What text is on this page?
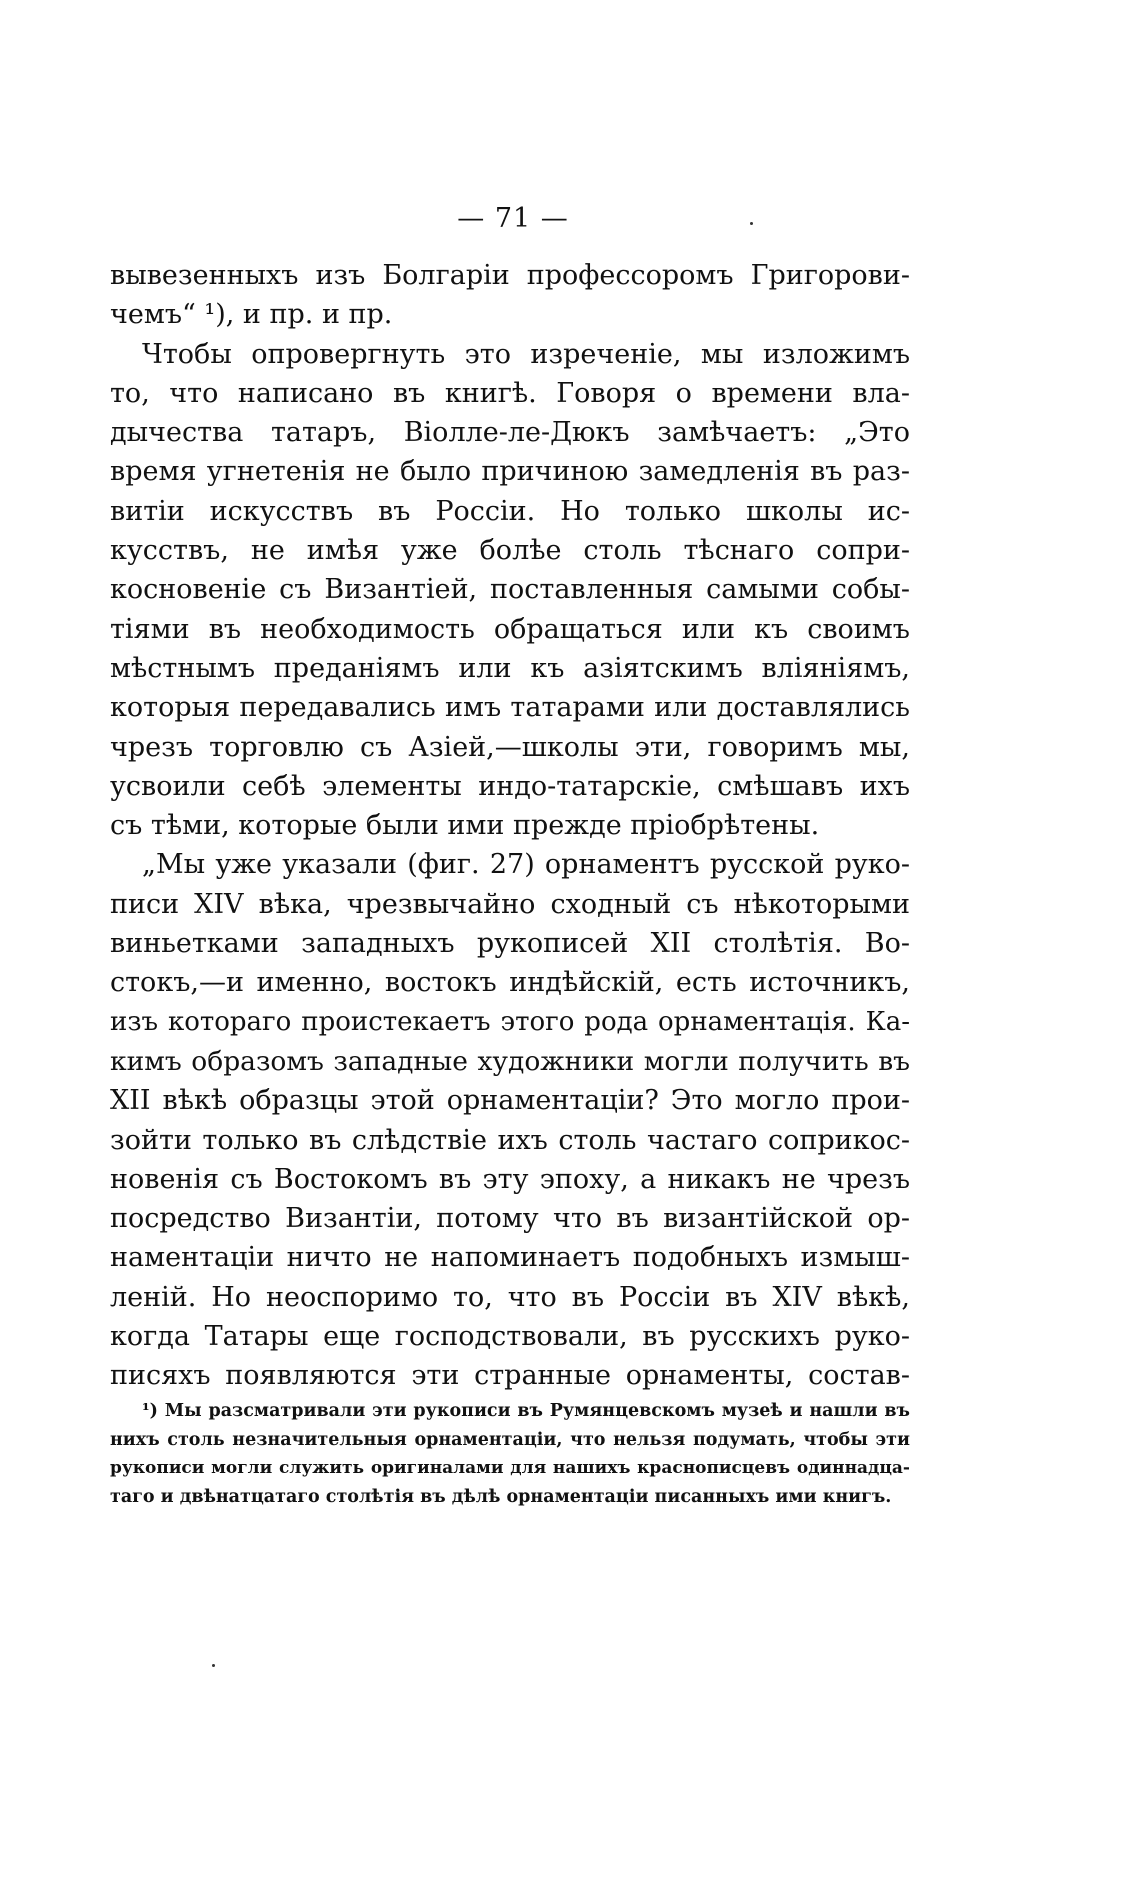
— 71 —
вывезенныхъ изъ Болгаріи профессоромъ Григорови-
чемъ“ ¹), и пр. и пр.
Чтобы опровергнуть это изреченіе, мы изложимъ
то, что написано въ книгѣ. Говоря о времени вла-
дычества татаръ, Віолле-ле-Дюкъ замѣчаетъ: „Это
время угнетенія не было причиною замедленія въ раз-
витіи искусствъ въ Россіи. Но только школы ис-
кусствъ, не имѣя уже болѣе столь тѣснаго сопри-
косновеніе съ Византіей, поставленныя самыми собы-
тіями въ необходимость обращаться или къ своимъ
мѣстнымъ преданіямъ или къ азіятскимъ вліяніямъ,
которыя передавались имъ татарами или доставлялись
чрезъ торговлю съ Азіей,—школы эти, говоримъ мы,
усвоили себѣ элементы индо-татарскіе, смѣшавъ ихъ
съ тѣми, которые были ими прежде пріобрѣтены.
„Мы уже указали (фиг. 27) орнаментъ русской руко-
писи XIV вѣка, чрезвычайно сходный съ нѣкоторыми
виньетками западныхъ рукописей XII столѣтія. Во-
стокъ,—и именно, востокъ индѣйскій, есть источникъ,
изъ котораго проистекаетъ этого рода орнаментація. Ка-
кимъ образомъ западные художники могли получить въ
XII вѣкѣ образцы этой орнаментаціи? Это могло прои-
зойти только въ слѣдствіе ихъ столь частаго соприкос-
новенія съ Востокомъ въ эту эпоху, а никакъ не чрезъ
посредство Византіи, потому что въ византійской ор-
наментаціи ничто не напоминаетъ подобныхъ измыш-
леній. Но неоспоримо то, что въ Россіи въ XIV вѣкѣ,
когда Татары еще господствовали, въ русскихъ руко-
писяхъ появляются эти странные орнаменты, состав-
¹) Мы разсматривали эти рукописи въ Румянцевскомъ музеѣ и нашли въ
нихъ столь незначительныя орнаментаціи, что нельзя подумать, чтобы эти
рукописи могли служить оригиналами для нашихъ краснописцевъ одиннадца-
таго и двѣнатцатаго столѣтія въ дѣлѣ орнаментаціи писанныхъ ими книгъ.
